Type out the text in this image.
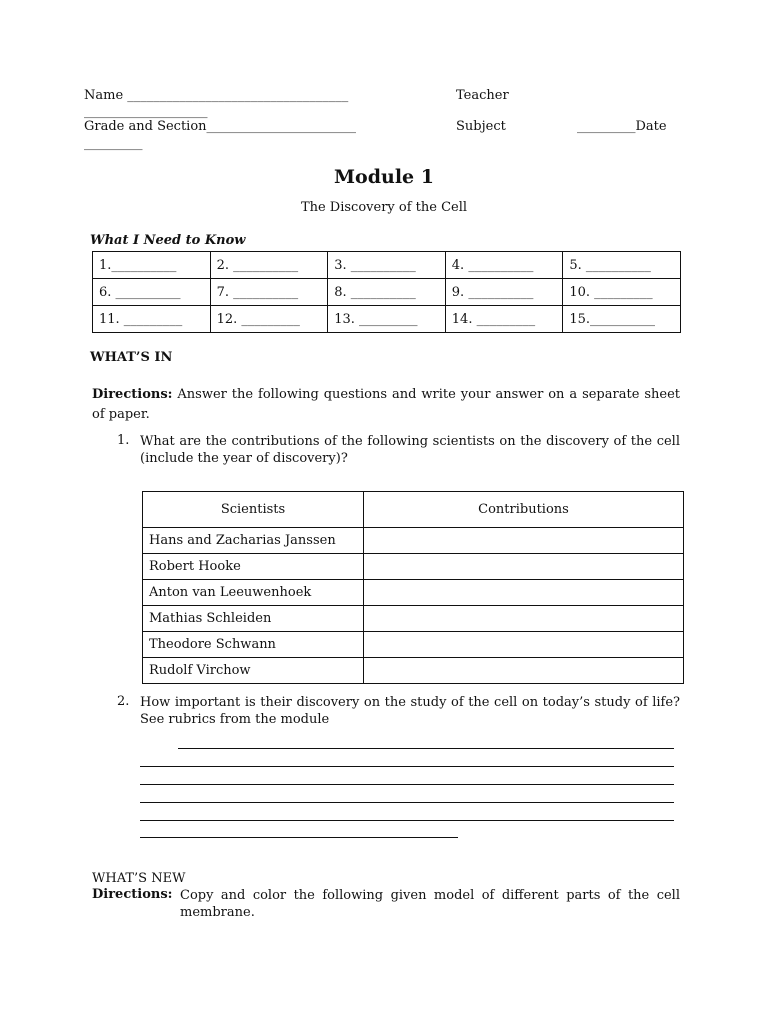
Name __________________________________	Teacher
___________________
Grade and Section_______________________	Subject	_________Date
_________
Module 1
The Discovery of the Cell
What I Need to Know
1.__________	2. __________	3. __________	4. __________	5. __________
6. __________	7. __________	8. __________	9. __________	10. _________
11. _________	12. _________	13. _________	14. _________	15.__________
WHAT’S IN
Directions: Answer the following questions and write your answer on a separate sheet of paper.
1. What are the contributions of the following scientists on the discovery of the cell (include the year of discovery)?
Scientists	Contributions
Hans and Zacharias Janssen	
Robert Hooke	
Anton van Leeuwenhoek	
Mathias Schleiden	
Theodore Schwann	
Rudolf Virchow	
2. How important is their discovery on the study of the cell on today’s study of life? See rubrics from the module
WHAT’S NEW
Directions: Copy and color the following given model of different parts of the cell membrane.
